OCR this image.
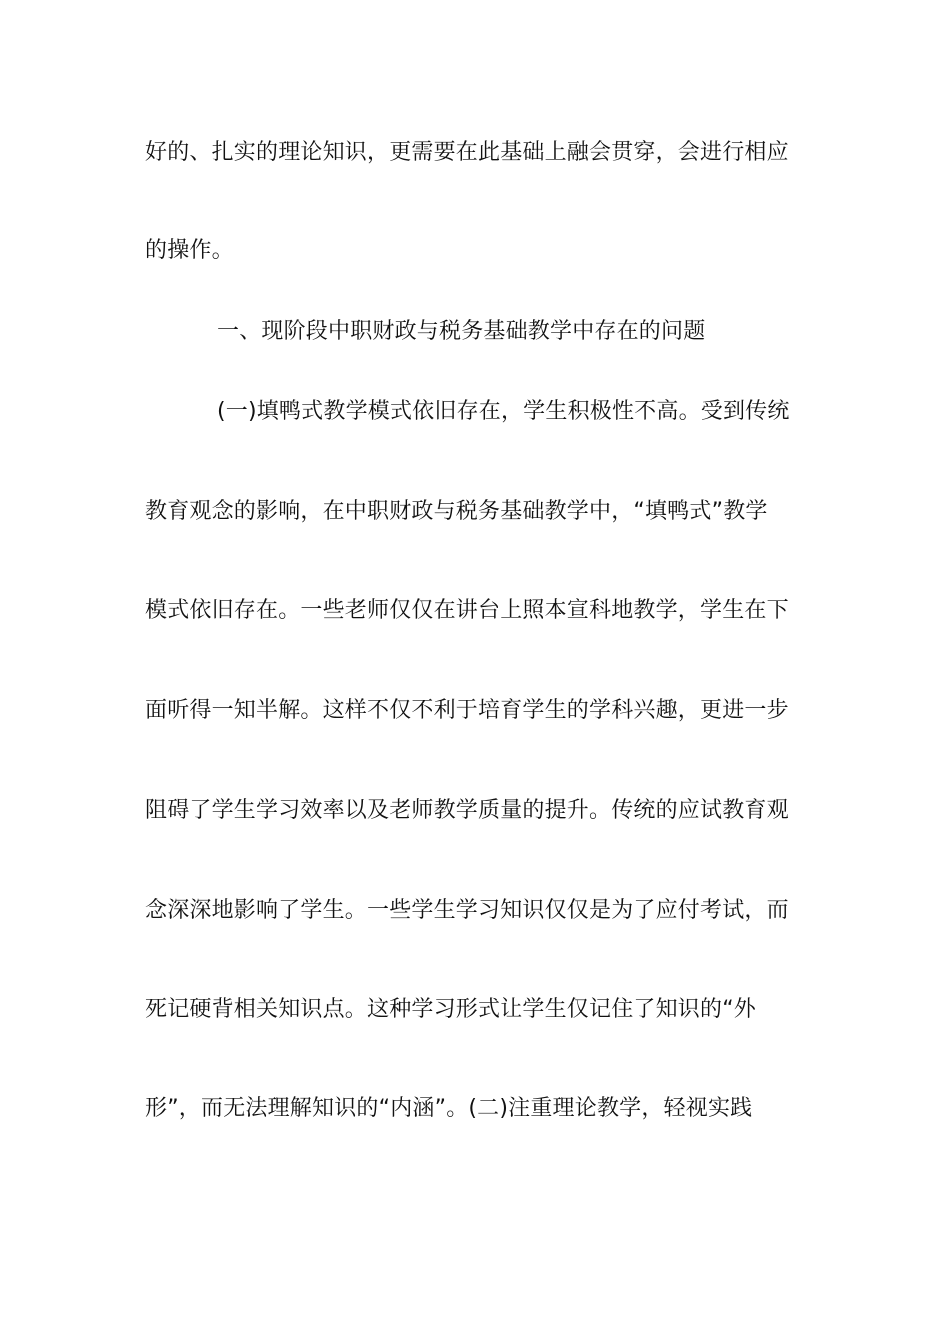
好的、扎实的理论知识，更需要在此基础上融会贯穿，会进行相应
的操作。
一、现阶段中职财政与税务基础教学中存在的问题
(一)填鸭式教学模式依旧存在，学生积极性不高。受到传统
教育观念的影响，在中职财政与税务基础教学中，“填鸭式”教学
模式依旧存在。一些老师仅仅在讲台上照本宣科地教学，学生在下
面听得一知半解。这样不仅不利于培育学生的学科兴趣，更进一步
阻碍了学生学习效率以及老师教学质量的提升。传统的应试教育观
念深深地影响了学生。一些学生学习知识仅仅是为了应付考试，而
死记硬背相关知识点。这种学习形式让学生仅记住了知识的“外
形”，而无法理解知识的“内涵”。(二)注重理论教学，轻视实践
